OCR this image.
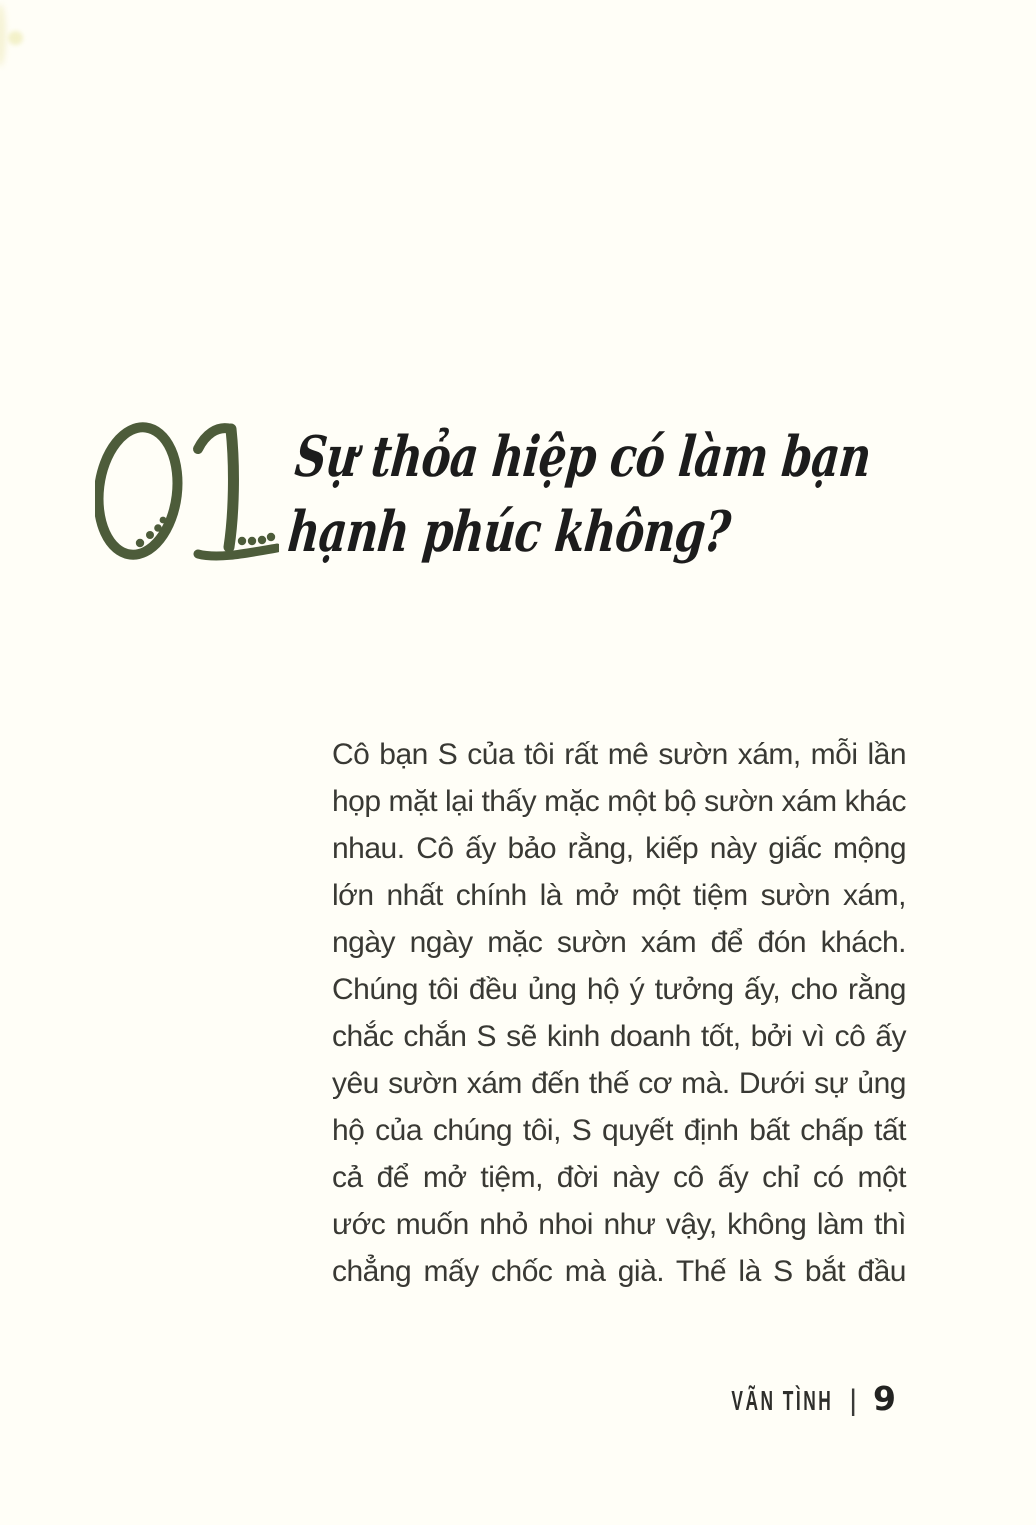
Sự thỏa hiệp có làm bạn
hạnh phúc không?
Cô bạn S của tôi rất mê sườn xám, mỗi lần
họp mặt lại thấy mặc một bộ sườn xám khác
nhau. Cô ấy bảo rằng, kiếp này giấc mộng
lớn nhất chính là mở một tiệm sườn xám,
ngày ngày mặc sườn xám để đón khách.
Chúng tôi đều ủng hộ ý tưởng ấy, cho rằng
chắc chắn S sẽ kinh doanh tốt, bởi vì cô ấy
yêu sườn xám đến thế cơ mà. Dưới sự ủng
hộ của chúng tôi, S quyết định bất chấp tất
cả để mở tiệm, đời này cô ấy chỉ có một
ước muốn nhỏ nhoi như vậy, không làm thì
chẳng mấy chốc mà già. Thế là S bắt đầu
VÃN TÌNH | 9
